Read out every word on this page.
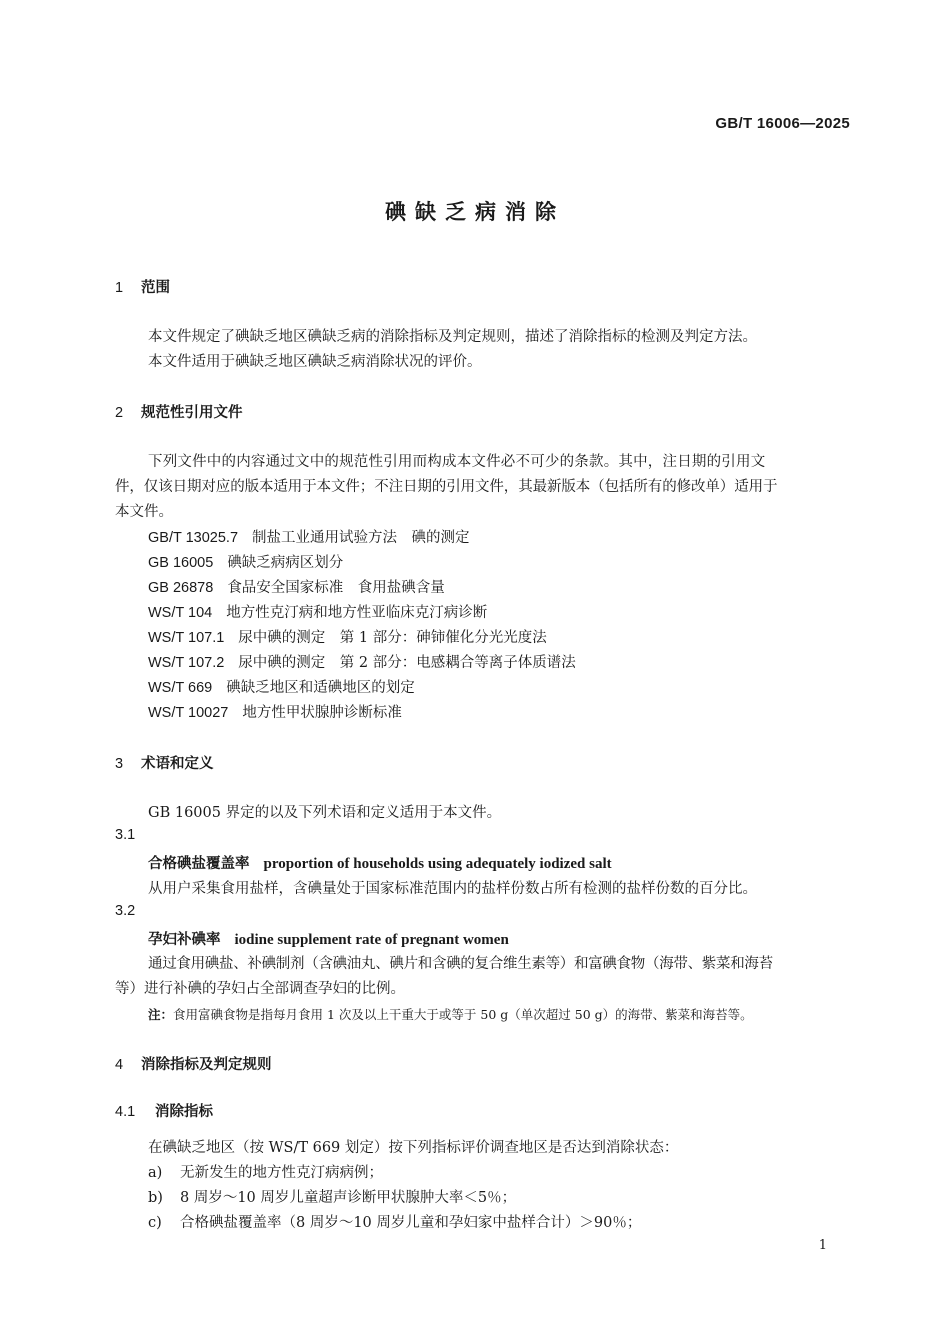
GB/T 16006—2025
碘缺乏病消除
1 范围
本文件规定了碘缺乏地区碘缺乏病的消除指标及判定规则，描述了消除指标的检测及判定方法。
本文件适用于碘缺乏地区碘缺乏病消除状况的评价。
2 规范性引用文件
下列文件中的内容通过文中的规范性引用而构成本文件必不可少的条款。其中，注日期的引用文
件，仅该日期对应的版本适用于本文件；不注日期的引用文件，其最新版本（包括所有的修改单）适用于
本文件。
GB/T 13025.7 制盐工业通用试验方法　碘的测定
GB 16005 碘缺乏病病区划分
GB 26878 食品安全国家标准　食用盐碘含量
WS/T 104 地方性克汀病和地方性亚临床克汀病诊断
WS/T 107.1 尿中碘的测定　第 1 部分：砷铈催化分光光度法
WS/T 107.2 尿中碘的测定　第 2 部分：电感耦合等离子体质谱法
WS/T 669 碘缺乏地区和适碘地区的划定
WS/T 10027 地方性甲状腺肿诊断标准
3 术语和定义
GB 16005 界定的以及下列术语和定义适用于本文件。
3.1
合格碘盐覆盖率 proportion of households using adequately iodized salt
从用户采集食用盐样，含碘量处于国家标准范围内的盐样份数占所有检测的盐样份数的百分比。
3.2
孕妇补碘率 iodine supplement rate of pregnant women
通过食用碘盐、补碘制剂（含碘油丸、碘片和含碘的复合维生素等）和富碘食物（海带、紫菜和海苔
等）进行补碘的孕妇占全部调查孕妇的比例。
注：食用富碘食物是指每月食用 1 次及以上干重大于或等于 50 g（单次超过 50 g）的海带、紫菜和海苔等。
4 消除指标及判定规则
4.1 消除指标
在碘缺乏地区（按 WS/T 669 划定）按下列指标评价调查地区是否达到消除状态：
a) 无新发生的地方性克汀病病例；
b) 8 周岁～10 周岁儿童超声诊断甲状腺肿大率＜5％；
c) 合格碘盐覆盖率（8 周岁～10 周岁儿童和孕妇家中盐样合计）＞90％；
1
